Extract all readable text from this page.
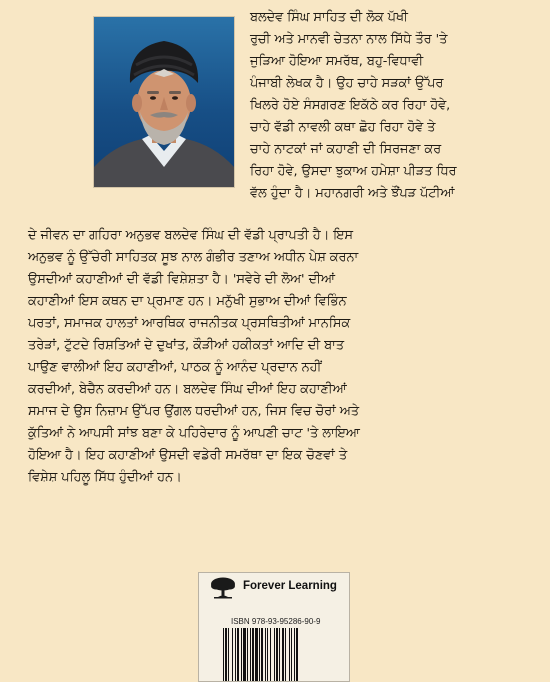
ਬਲਦੇਵ ਸਿੰਘ ਸਾਹਿਤ ਦੀ ਲੋਕ ਪੱਖੀ
ਰੁਚੀ ਅਤੇ ਮਾਨਵੀ ਚੇਤਨਾ ਨਾਲ ਸਿੱਧੇ ਤੌਰ 'ਤੇ
ਜੁੜਿਆ ਹੋਇਆ ਸਮਰੱਥ, ਬਹੁ-ਵਿਧਾਵੀ
ਪੰਜਾਬੀ ਲੇਖਕ ਹੈ। ਉਹ ਚਾਹੇ ਸੜਕਾਂ ਉੱਪਰ
ਖਿਲਰੇ ਹੋਏ ਸੰਸਗਰਣ ਇਕੱਠੇ ਕਰ ਰਿਹਾ ਹੋਵੇ,
ਚਾਹੇ ਵੱਡੀ ਨਾਵਲੀ ਕਥਾ ਛੋਹ ਰਿਹਾ ਹੋਵੇ ਤੇ
ਚਾਹੇ ਨਾਟਕਾਂ ਜਾਂ ਕਹਾਣੀ ਦੀ ਸਿਰਜਣਾ ਕਰ
ਰਿਹਾ ਹੋਵੇ, ਉਸਦਾ ਝੁਕਾਅ ਹਮੇਸ਼ਾ ਪੀੜਤ ਧਿਰ
ਵੱਲ ਹੁੰਦਾ ਹੈ। ਮਹਾਨਗਰੀ ਅਤੇ ਝੌਂਪੜ ਪੱਟੀਆਂ
ਦੇ ਜੀਵਨ ਦਾ ਗਹਿਰਾ ਅਨੁਭਵ ਬਲਦੇਵ ਸਿੰਘ ਦੀ ਵੱਡੀ ਪ੍ਰਾਪਤੀ ਹੈ। ਇਸ
ਅਨੁਭਵ ਨੂੰ ਉੱਚੇਰੀ ਸਾਹਿਤਕ ਸੂਝ ਨਾਲ ਗੰਭੀਰ ਤਣਾਅ ਅਧੀਨ ਪੇਸ਼ ਕਰਨਾ
ਉਸਦੀਆਂ ਕਹਾਣੀਆਂ ਦੀ ਵੱਡੀ ਵਿਸ਼ੇਸ਼ਤਾ ਹੈ। 'ਸਵੇਰੇ ਦੀ ਲੋਅ' ਦੀਆਂ
ਕਹਾਣੀਆਂ ਇਸ ਕਥਨ ਦਾ ਪ੍ਰਮਾਣ ਹਨ। ਮਨੁੱਖੀ ਸੁਭਾਅ ਦੀਆਂ ਵਿਭਿੰਨ
ਪਰਤਾਂ, ਸਮਾਜਕ ਹਾਲਤਾਂ ਆਰਥਿਕ ਰਾਜਨੀਤਕ ਪ੍ਰਸਥਿਤੀਆਂ ਮਾਨਸਿਕ
ਤਰੇੜਾਂ, ਟੁੱਟਦੇ ਰਿਸ਼ਤਿਆਂ ਦੇ ਦੁਖਾਂਤ, ਕੌੜੀਆਂ ਹਕੀਕਤਾਂ ਆਦਿ ਦੀ ਬਾਤ
ਪਾਉਣ ਵਾਲੀਆਂ ਇਹ ਕਹਾਣੀਆਂ, ਪਾਠਕ ਨੂੰ ਆਨੰਦ ਪ੍ਰਦਾਨ ਨਹੀਂ
ਕਰਦੀਆਂ, ਬੇਚੈਨ ਕਰਦੀਆਂ ਹਨ। ਬਲਦੇਵ ਸਿੰਘ ਦੀਆਂ ਇਹ ਕਹਾਣੀਆਂ
ਸਮਾਜ ਦੇ ਉਸ ਨਿਜ਼ਾਮ ਉੱਪਰ ਉਂਗਲ ਧਰਦੀਆਂ ਹਨ, ਜਿਸ ਵਿਚ ਚੋਰਾਂ ਅਤੇ
ਕੁੱਤਿਆਂ ਨੇ ਆਪਸੀ ਸਾਂਝ ਬਣਾ ਕੇ ਪਹਿਰੇਦਾਰ ਨੂੰ ਆਪਣੀ ਚਾਟ 'ਤੇ ਲਾਇਆ
ਹੋਇਆ ਹੈ। ਇਹ ਕਹਾਣੀਆਂ ਉਸਦੀ ਵਡੇਰੀ ਸਮਰੱਥਾ ਦਾ ਇਕ ਚੋਣਵਾਂ ਤੇ
ਵਿਸ਼ੇਸ਼ ਪਹਿਲੂ ਸਿੱਧ ਹੁੰਦੀਆਂ ਹਨ।
Forever Learning
ISBN 978-93-95286-90-9
